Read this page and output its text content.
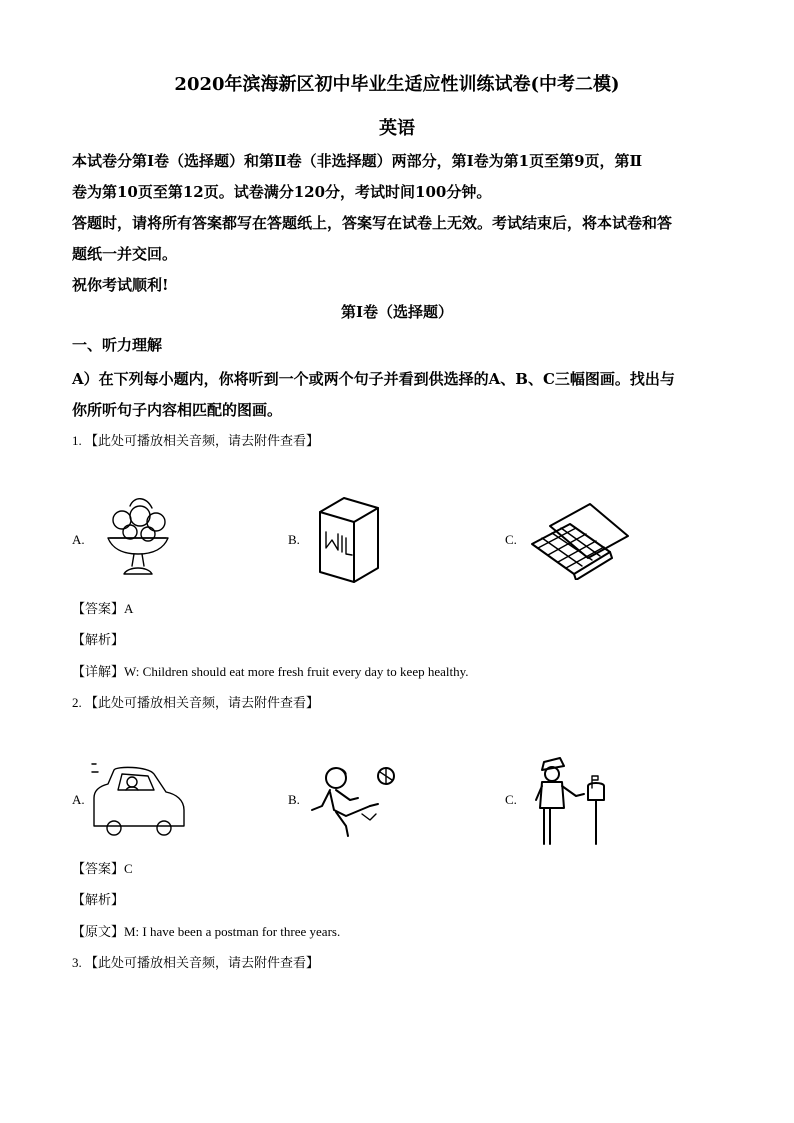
2020年滨海新区初中毕业生适应性训练试卷(中考二模)
英语
本试卷分第Ⅰ卷（选择题）和第Ⅱ卷（非选择题）两部分，第Ⅰ卷为第1页至第9页，第Ⅱ
卷为第10页至第12页。试卷满分120分，考试时间100分钟。
答题时，请将所有答案都写在答题纸上，答案写在试卷上无效。考试结束后，将本试卷和答
题纸一并交回。
祝你考试顺利!
第Ⅰ卷（选择题）
一、听力理解
A）在下列每小题内，你将听到一个或两个句子并看到供选择的A、B、C三幅图画。找出与
你所听句子内容相匹配的图画。
1. 【此处可播放相关音频，请去附件查看】
A.	B.	C.
【答案】A
【解析】
【详解】W: Children should eat more fresh fruit every day to keep healthy.
2. 【此处可播放相关音频，请去附件查看】
A.	B.	C.
【答案】C
【解析】
【原文】M: I have been a postman for three years.
3. 【此处可播放相关音频，请去附件查看】
